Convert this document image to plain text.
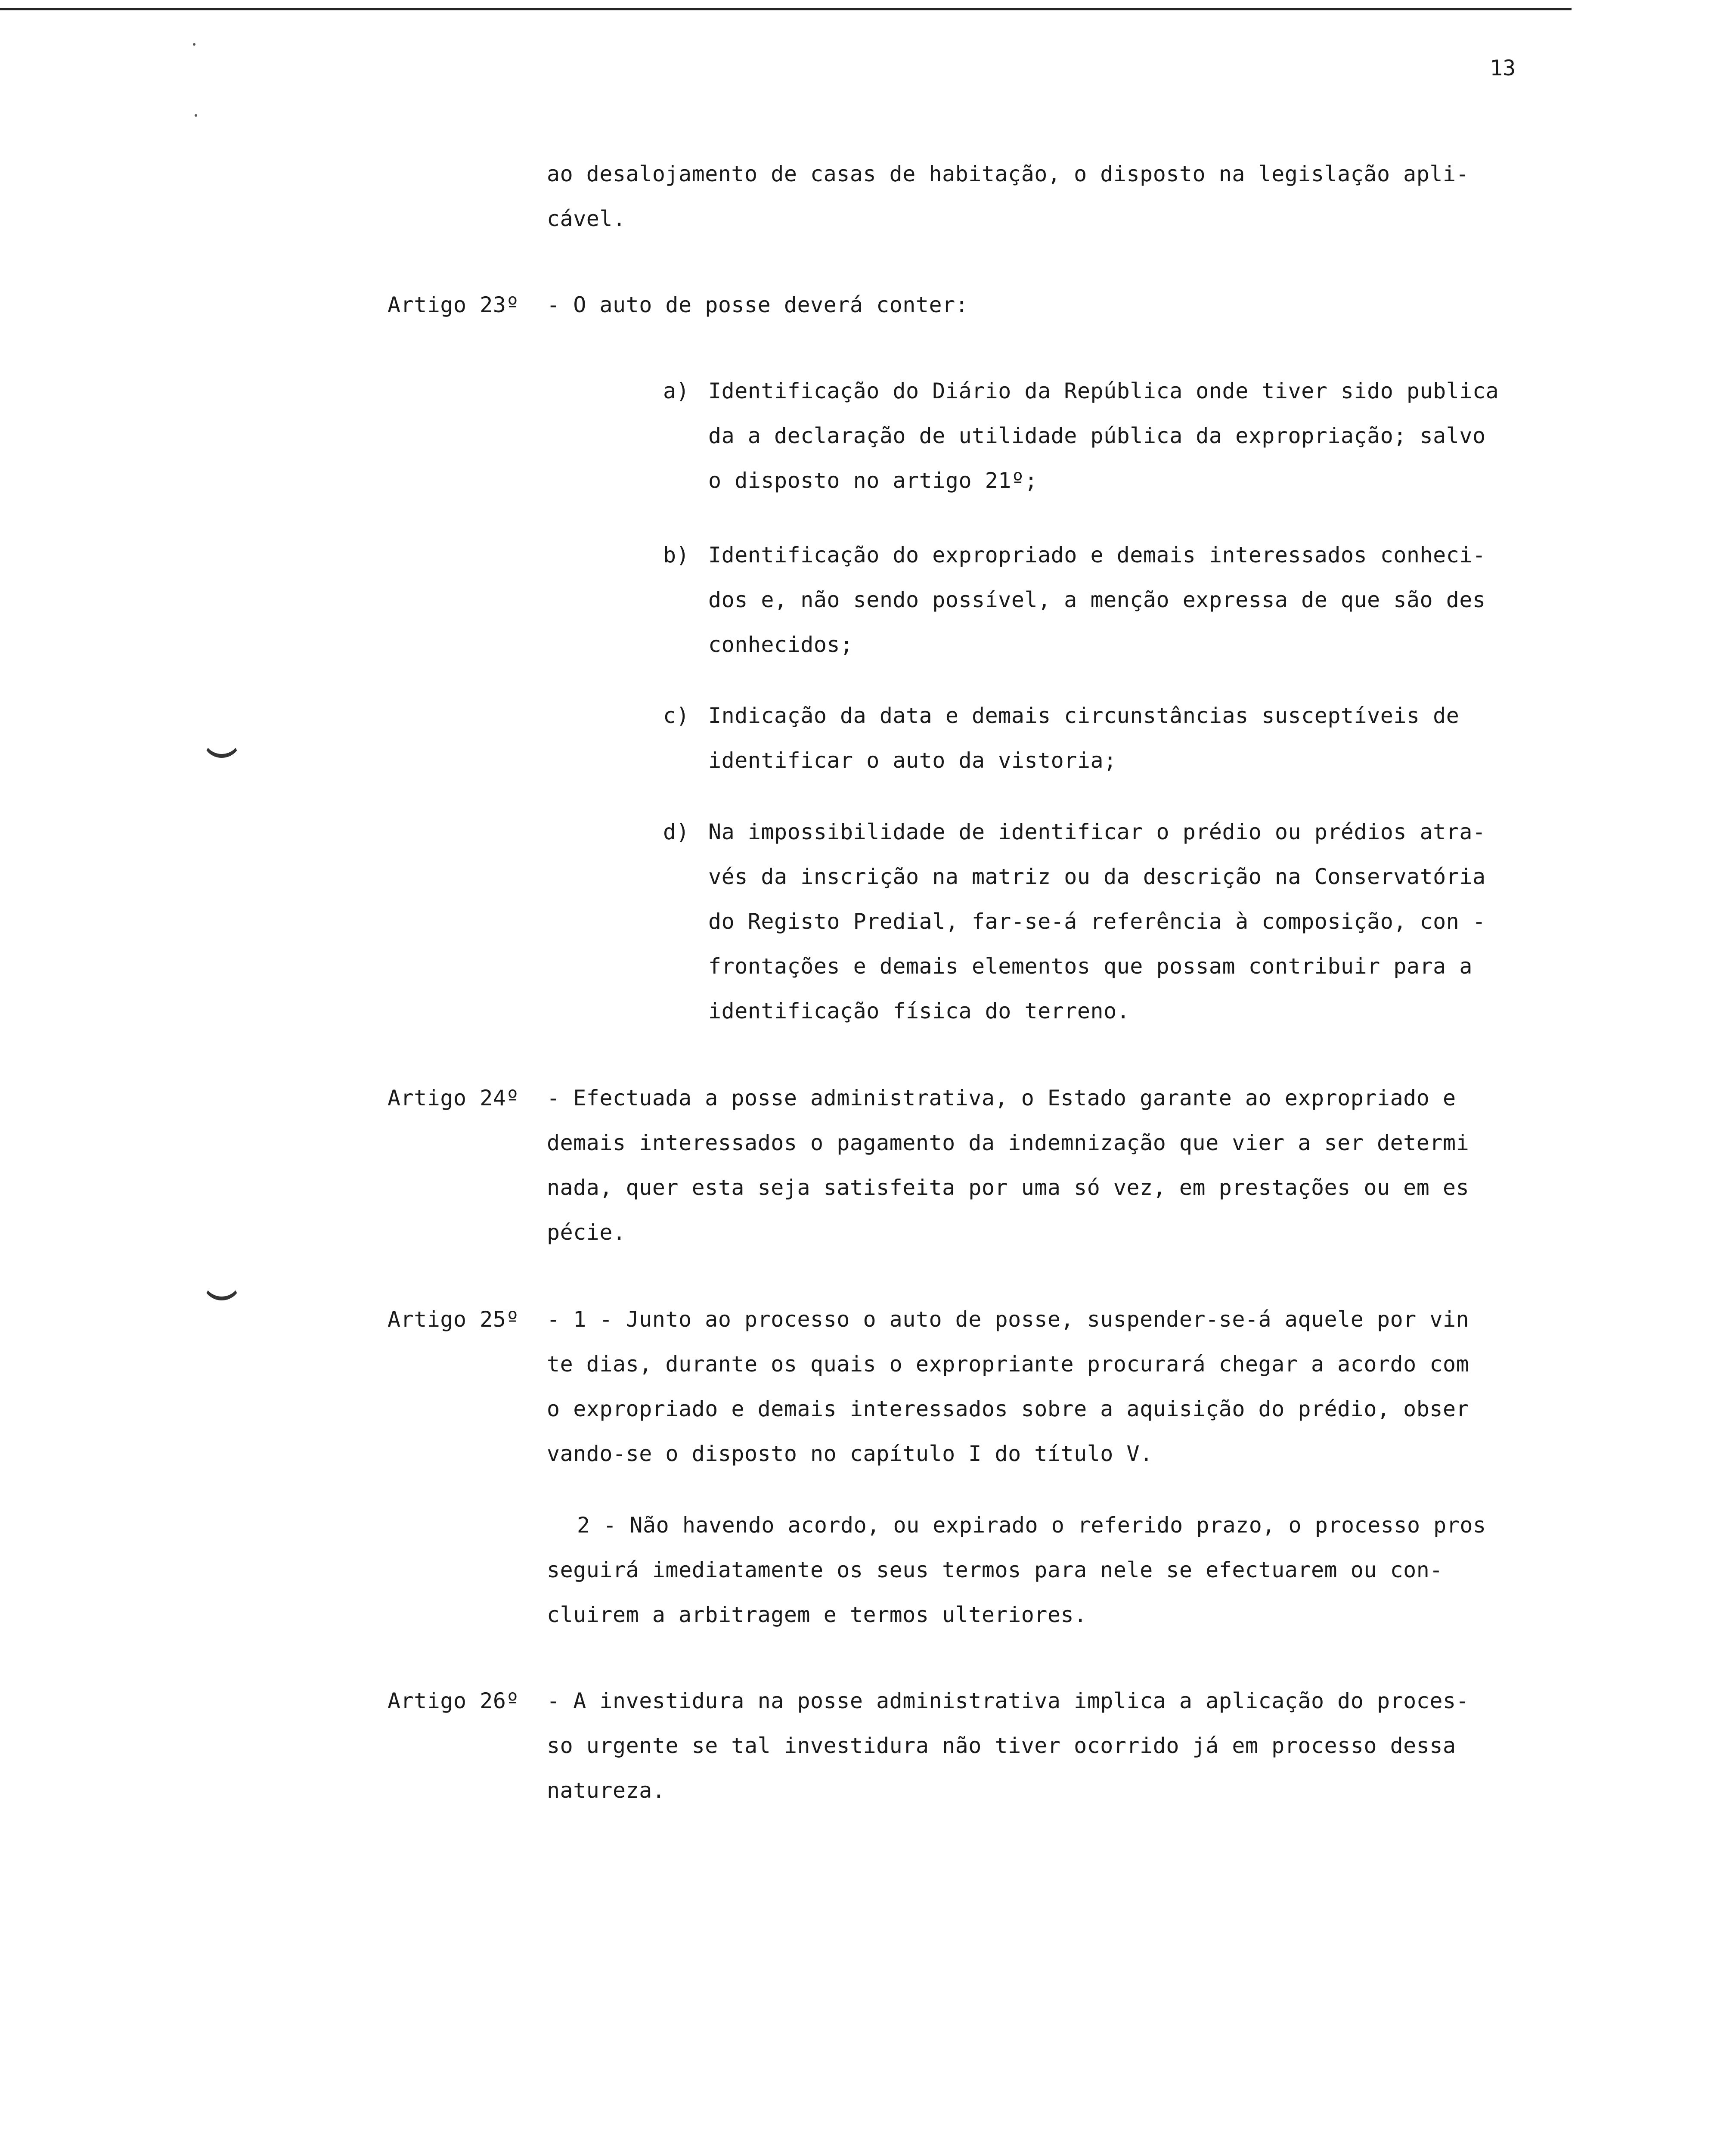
13
ao desalojamento de casas de habitação, o disposto na legislação apli-
cável.
Artigo 23º - O auto de posse deverá conter:
a) Identificação do Diário da República onde tiver sido publica
da a declaração de utilidade pública da expropriação; salvo
o disposto no artigo 21º;
b) Identificação do expropriado e demais interessados conheci-
dos e, não sendo possível, a menção expressa de que são des
conhecidos;
c) Indicação da data e demais circunstâncias susceptíveis de
identificar o auto da vistoria;
d) Na impossibilidade de identificar o prédio ou prédios atra-
vés da inscrição na matriz ou da descrição na Conservatória
do Registo Predial, far-se-á referência à composição, con -
frontações e demais elementos que possam contribuir para a
identificação física do terreno.
Artigo 24º - Efectuada a posse administrativa, o Estado garante ao expropriado e
demais interessados o pagamento da indemnização que vier a ser determi
nada, quer esta seja satisfeita por uma só vez, em prestações ou em es
pécie.
Artigo 25º - 1 - Junto ao processo o auto de posse, suspender-se-á aquele por vin
te dias, durante os quais o expropriante procurará chegar a acordo com
o expropriado e demais interessados sobre a aquisição do prédio, obser
vando-se o disposto no capítulo I do título V.
2 - Não havendo acordo, ou expirado o referido prazo, o processo pros
seguirá imediatamente os seus termos para nele se efectuarem ou con-
cluirem a arbitragem e termos ulteriores.
Artigo 26º - A investidura na posse administrativa implica a aplicação do proces-
so urgente se tal investidura não tiver ocorrido já em processo dessa
natureza.
